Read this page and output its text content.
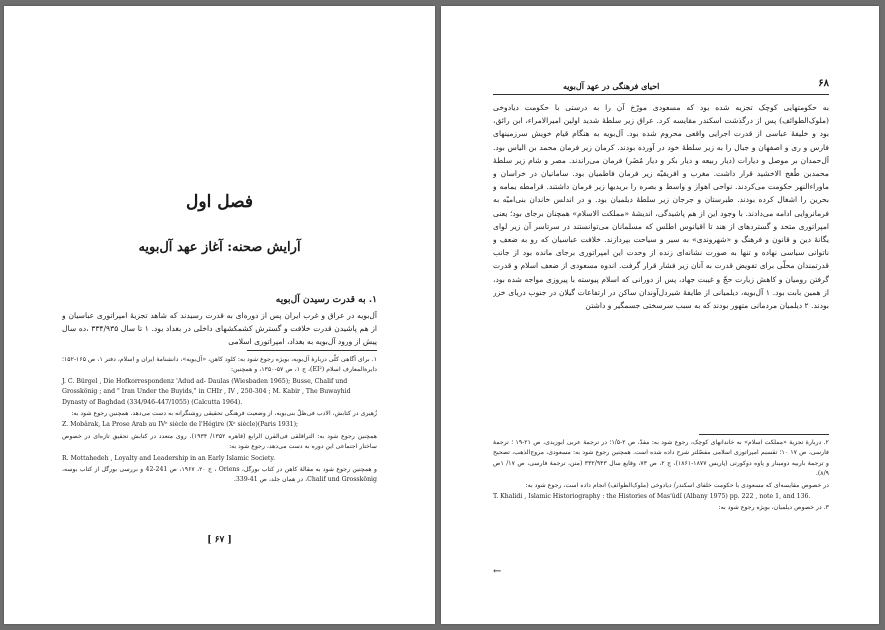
فصل اول
آرایش صحنه: آغاز عهد آل‌بویه
۱. به قدرت رسیدن آل‌بویه
آل‌بویه در عراق و غرب ایران پس از دوره‌ای به قدرت رسیدند که شاهد تجزیهٔ امپراتوری عباسیان و از هم پاشیدن قدرت خلافت و گسترش کشمکشهای داخلی در بغداد بود. ۱ تا سال ۳۳۴/۹۳۵ ،ده سال پیش از ورود آل‌بویه به بغداد، امپراتوری اسلامی

۱. برای آگاهی کلّی دربارهٔ آل‌بویه، بویژه رجوع شود به: کلود کاهن، «آل‌بویه»، دانشنامهٔ ایران و اسلام، دفتر ۱، ص ۱۶۵-۱۵۲؛ دایرة‌المعارف اسلام (EI²)، ج ۱، ص ۵۷-۱۳۵۰، و همچنین:

J. C. Bürgel , Die Hofkorrespondenz 'Adud ad- Daulas (Wiesbaden 1965); Busse, Chalif und Grosskönig ; and " Iran Under the Buyids," in CHIr , IV , 250-304 ; M. Kabir , The Buwayhid Dynasty of Baghdad (334/946-447/1055) (Calcutta 1964).

زُهیری در کتابش، الادب فی‌ظلّ بنی‌بویه، از وضعیت فرهنگی تحقیقی روشنگرانه به دست می‌دهد. همچنین رجوع شود به:

Z. Mobârak, La Prose Arab au IVᵉ siècle de l'Hégire (Xᵉ siècle)(Paris 1931);

همچنین رجوع شود به: التراقلقی فی‌القرن الرابع (قاهره ۱۳۵۲/ ۱۹۳۴). روی متعدد در کتابش تحقیق تازه‌ای در خصوص ساختار اجتماعی این دوره به دست می‌دهد، رجوع شود به:

R. Mottahedeh , Loyalty and Leadership in an Early Islamic Society.

و همچنین رجوع شود به مقالهٔ کاهن در کتاب بورگل، Oriens ، ج ۲۰، ۱۹۶۷، ص 241-42 و بررسی بورگل از کتاب بوسه، Chalif und Grosskönig، در همان جلد، ص 41-339.

[ ۶۷ ]
احیای فرهنگی در عهد آل‌بویه	۶۸
به حکومتهایی کوچک تجزیه شده بود که مسعودی مورّخ آن را به درستی با حکومت دیادوخی (ملوک‌الطوائف) پس از درگذشت اسکندر مقایسه کرد. عراق زیر سلطهٔ شدید اولین امیرالامراء، ابن رائق، بود و خلیفهٔ عباسی از قدرت اجرایی واقعی محروم شده بود. آل‌بویه به هنگام قیام خویش سرزمینهای فارس و ری و اصفهان و جبال را به زیر سلطهٔ خود در آورده بودند. کرمان زیر فرمان محمد بن الیاس بود. آل‌حمدان بر موصل و دیارات (دیار ربیعه و دیار بکر و دیار مُضَر) فرمان می‌راندند. مصر و شام زیر سلطهٔ محمدبن طُغج الاخشید قرار داشت. مغرب و افریقیّه زیر فرمان فاطمیان بود. سامانیان در خراسان و ماوراءالنهر حکومت می‌کردند. نواحی اهواز و واسط و بصره را بریدیها زیر فرمان داشتند. قرامطه یمامه و بحرین را اشغال کرده بودند. طبرستان و جرجان زیر سلطهٔ دیلمیان بود. و در اندلس خاندان بنی‌امیّه به فرمانروایی ادامه می‌دادند. با وجود این از هم پاشیدگی، اندیشهٔ «مملکت الاسلام» همچنان برجای بود؛ یعنی امپراتوری متحد و گستردهای از هند تا اقیانوس اطلس که مسلمانان می‌توانستند در سرتاسر آن زیر لوای یگانهٔ دین و قانون و فرهنگ و «شهروندی» به سیر و سیاحت بپردازند. خلافت عباسیان که رو به ضعف و ناتوانی سیاسی نهاده و تنها به صورت نشانه‌ای زنده از وحدت این امپراتوری برجای مانده بود از جانب قدرتمندان محلّی برای تفویض قدرت به آنان زیر فشار قرار گرفت. اندوه مسعودی از ضعف اسلام و قدرت گرفتن رومیان و کاهش زیارت حجّ و غیبت جهاد، پس از دورانی که اسلام پیوسته با پیروزی مواجه شده بود، از همین بابت بود. ۱ آل‌بویه، دیلمیانی از طایفهٔ شیردل‌آوندان ساکن در ارتفاعات گیلان در جنوب دریای خزر بودند. ۲ دیلمیان مردمانی متهور بودند که به سبب سرسختی جسمگیر و داشتن

۲. دربارهٔ تجزیهٔ «مملکت اسلام» به خاندانهای کوچک، رجوع شود به: مقدّ، ص ۲-۱/۵؛ در ترجمهٔ عربی ابوزیدی، ص ۲۱-۱۹ ؛ ترجمهٔ فارسی، ص ۱۷ ۱۰؛ تقسیم امپراتوری اسلامی مفصّلتر شرح داده شده است. همچنین رجوع شود به: مسعودی، مروج‌الذهب، تصحیح و ترجمهٔ باربیه دومینار و پاوه دوکورتی (پاریس ۱۸۷۷-۱۸۶۱)، ج ۲، ص ۷۳، وقایع سال ۳۳۲/۹۴۳ (متن، ترجمهٔ فارسی، ص ۱۷/ ۱ص ۸/۹).

در خصوص مقایسه‌ای که مسعودی با حکومت خلفای اسکندر/ دیادوخی (ملوک‌الطوائف) انجام داده است، رجوع شود به:

T. Khalidi , Islamic Historiography : the Histories of Mas'ûdî (Albany 1975) pp. 222 , note 1, and 136.

۳. در خصوص دیلمیان، بویژه رجوع شود به:

←
